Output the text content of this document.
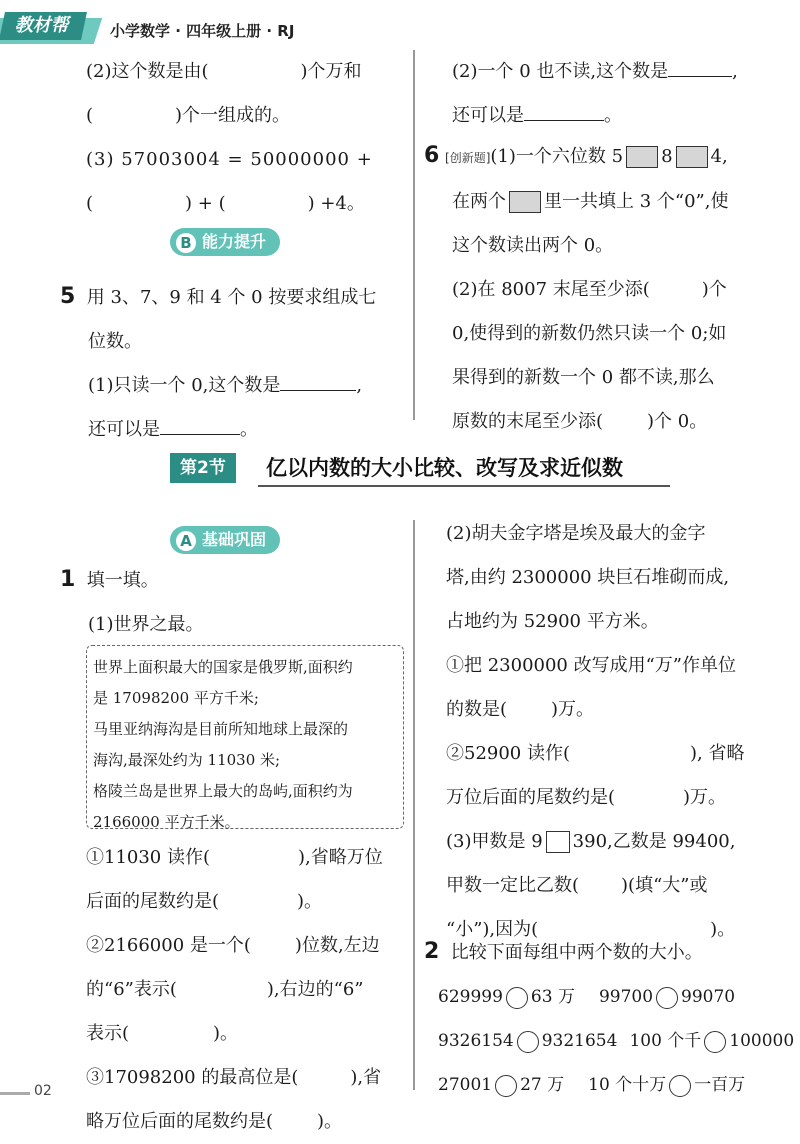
教材帮	小学数学 · 四年级上册 · RJ

(2)这个数是由(	)个万和

(	)个一组成的。

(3) 57003004 = 50000000 +

(	) + (	) +4。

B 能力提升

5 用 3、7、9 和 4 个 0 按要求组成七

位数。

(1)只读一个 0,这个数是	,

还可以是	。

(2)一个 0 也不读,这个数是	,

还可以是	。

6 [创新题](1)一个六位数 5 8 4,

在两个 里一共填上 3 个“0”,使

这个数读出两个 0。

(2)在 8007 末尾至少添(	)个

0,使得到的新数仍然只读一个 0;如

果得到的新数一个 0 都不读,那么

原数的末尾至少添( )个 0。

第2节	亿以内数的大小比较、改写及求近似数
A 基础巩固

1 填一填。

(1)世界之最。

世界上面积最大的国家是俄罗斯,面积约

是 17098200 平方千米;

马里亚纳海沟是目前所知地球上最深的

海沟,最深处约为 11030 米;

格陵兰岛是世界上最大的岛屿,面积约为

2166000 平方千米。

①11030 读作(	),省略万位

后面的尾数约是(	)。

②2166000 是一个( )位数,左边

的“6”表示(	),右边的“6”

表示(	)。

③17098200 的最高位是(	),省

略万位后面的尾数约是( )。

(2)胡夫金字塔是埃及最大的金字

塔,由约 2300000 块巨石堆砌而成,

占地约为 52900 平方米。

①把 2300000 改写成用“万”作单位

的数是( )万。

②52900 读作(	), 省略

万位后面的尾数约是(	)万。

(3)甲数是 9 390,乙数是 99400,

甲数一定比乙数( )(填“大”或

“小”),因为(	)。

2 比较下面每组中两个数的大小。

629999 63 万 99700 99070

9326154 9321654 100 个千 100000

27001 27 万 10 个十万 一百万

02
